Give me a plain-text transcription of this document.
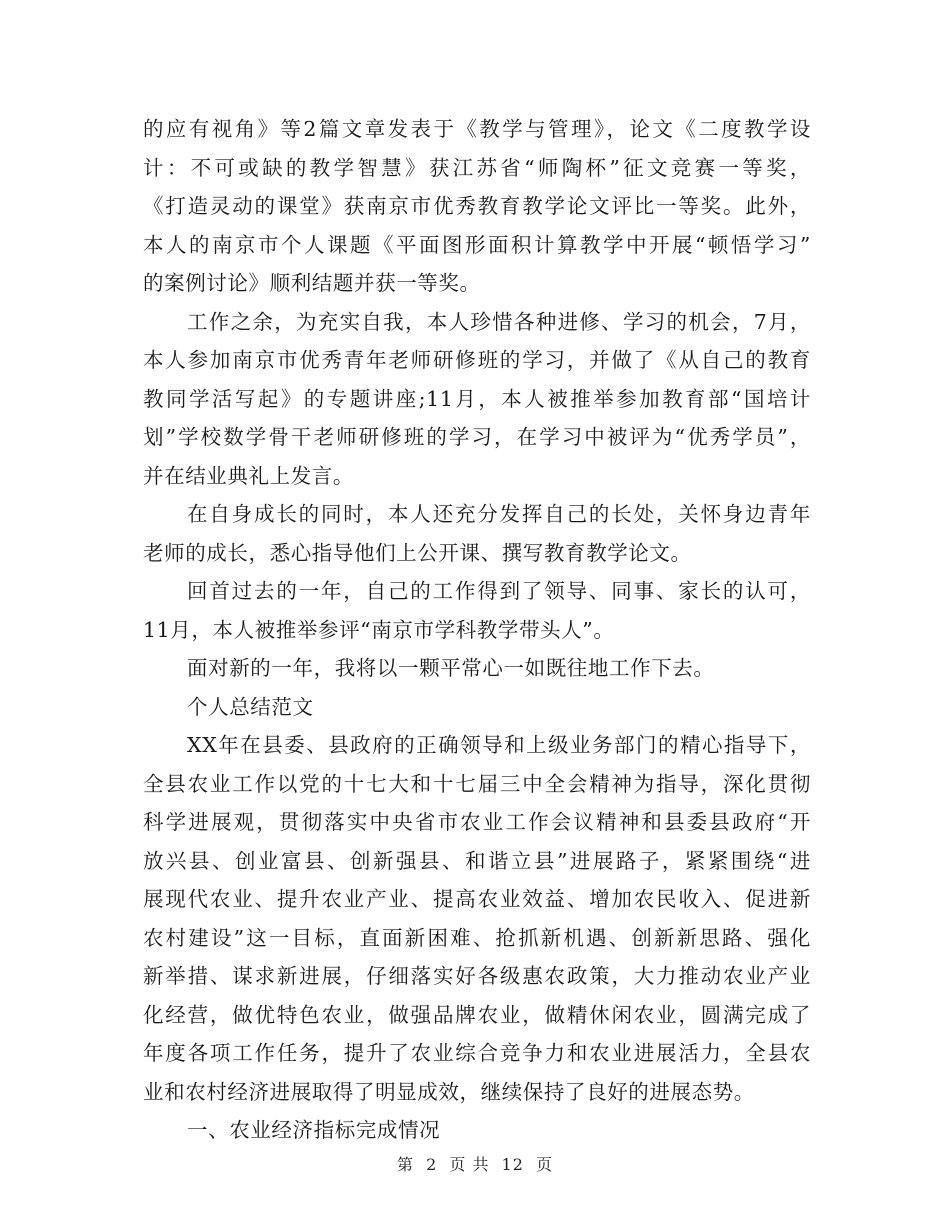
的应有视角》等2篇文章发表于《教学与管理》，论文《二度教学设
计：不可或缺的教学智慧》获江苏省“师陶杯”征文竞赛一等奖，
《打造灵动的课堂》获南京市优秀教育教学论文评比一等奖。此外，
本人的南京市个人课题《平面图形面积计算教学中开展“顿悟学习”
的案例讨论》顺利结题并获一等奖。
工作之余，为充实自我，本人珍惜各种进修、学习的机会，7月，
本人参加南京市优秀青年老师研修班的学习，并做了《从自己的教育
教同学活写起》的专题讲座;11月，本人被推举参加教育部“国培计
划”学校数学骨干老师研修班的学习，在学习中被评为“优秀学员”，
并在结业典礼上发言。
在自身成长的同时，本人还充分发挥自己的长处，关怀身边青年
老师的成长，悉心指导他们上公开课、撰写教育教学论文。
回首过去的一年，自己的工作得到了领导、同事、家长的认可，
11月，本人被推举参评“南京市学科教学带头人”。
面对新的一年，我将以一颗平常心一如既往地工作下去。
个人总结范文
XX年在县委、县政府的正确领导和上级业务部门的精心指导下，
全县农业工作以党的十七大和十七届三中全会精神为指导，深化贯彻
科学进展观，贯彻落实中央省市农业工作会议精神和县委县政府“开
放兴县、创业富县、创新强县、和谐立县”进展路子，紧紧围绕“进
展现代农业、提升农业产业、提高农业效益、增加农民收入、促进新
农村建设”这一目标，直面新困难、抢抓新机遇、创新新思路、强化
新举措、谋求新进展，仔细落实好各级惠农政策，大力推动农业产业
化经营，做优特色农业，做强品牌农业，做精休闲农业，圆满完成了
年度各项工作任务，提升了农业综合竞争力和农业进展活力，全县农
业和农村经济进展取得了明显成效，继续保持了良好的进展态势。
一、农业经济指标完成情况
第 2 页 共 12 页
